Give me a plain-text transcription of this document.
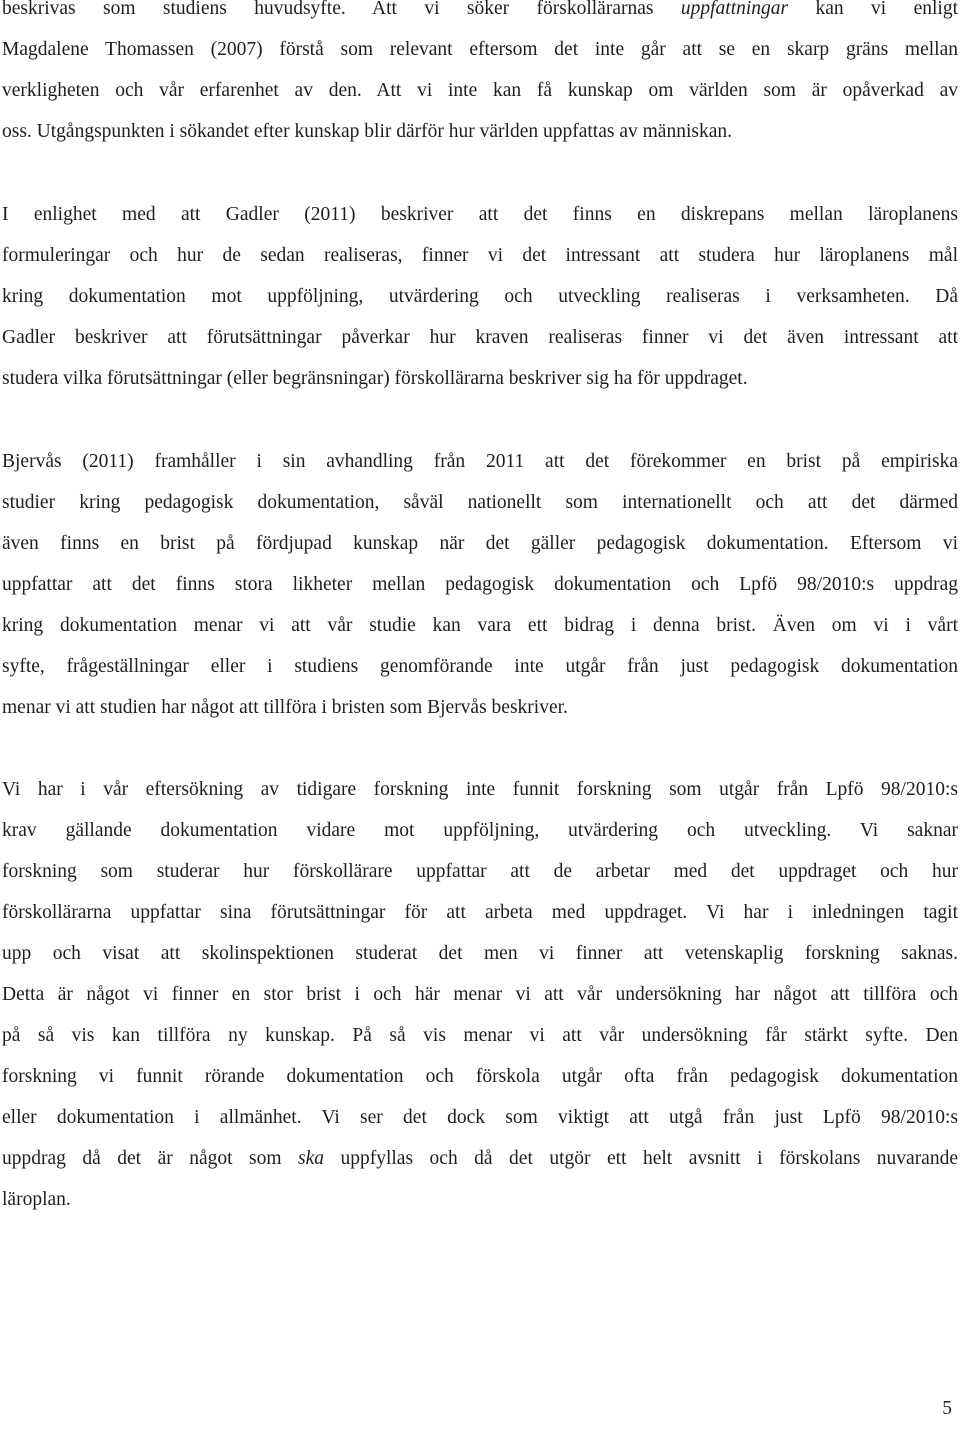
beskrivas som studiens huvudsyfte. Att vi söker förskollärarnas uppfattningar kan vi enligt
Magdalene Thomassen (2007) förstå som relevant eftersom det inte går att se en skarp gräns mellan
verkligheten och vår erfarenhet av den. Att vi inte kan få kunskap om världen som är opåverkad av
oss. Utgångspunkten i sökandet efter kunskap blir därför hur världen uppfattas av människan.
I enlighet med att Gadler (2011) beskriver att det finns en diskrepans mellan läroplanens
formuleringar och hur de sedan realiseras, finner vi det intressant att studera hur läroplanens mål
kring dokumentation mot uppföljning, utvärdering och utveckling realiseras i verksamheten. Då
Gadler beskriver att förutsättningar påverkar hur kraven realiseras finner vi det även intressant att
studera vilka förutsättningar (eller begränsningar) förskollärarna beskriver sig ha för uppdraget.
Bjervås (2011) framhåller i sin avhandling från 2011 att det förekommer en brist på empiriska
studier kring pedagogisk dokumentation, såväl nationellt som internationellt och att det därmed
även finns en brist på fördjupad kunskap när det gäller pedagogisk dokumentation. Eftersom vi
uppfattar att det finns stora likheter mellan pedagogisk dokumentation och Lpfö 98/2010:s uppdrag
kring dokumentation menar vi att vår studie kan vara ett bidrag i denna brist. Även om vi i vårt
syfte, frågeställningar eller i studiens genomförande inte utgår från just pedagogisk dokumentation
menar vi att studien har något att tillföra i bristen som Bjervås beskriver.
Vi har i vår eftersökning av tidigare forskning inte funnit forskning som utgår från Lpfö 98/2010:s
krav gällande dokumentation vidare mot uppföljning, utvärdering och utveckling. Vi saknar
forskning som studerar hur förskollärare uppfattar att de arbetar med det uppdraget och hur
förskollärarna uppfattar sina förutsättningar för att arbeta med uppdraget. Vi har i inledningen tagit
upp och visat att skolinspektionen studerat det men vi finner att vetenskaplig forskning saknas.
Detta är något vi finner en stor brist i och här menar vi att vår undersökning har något att tillföra och
på så vis kan tillföra ny kunskap. På så vis menar vi att vår undersökning får stärkt syfte. Den
forskning vi funnit rörande dokumentation och förskola utgår ofta från pedagogisk dokumentation
eller dokumentation i allmänhet. Vi ser det dock som viktigt att utgå från just Lpfö 98/2010:s
uppdrag då det är något som ska uppfyllas och då det utgör ett helt avsnitt i förskolans nuvarande
läroplan.
5
